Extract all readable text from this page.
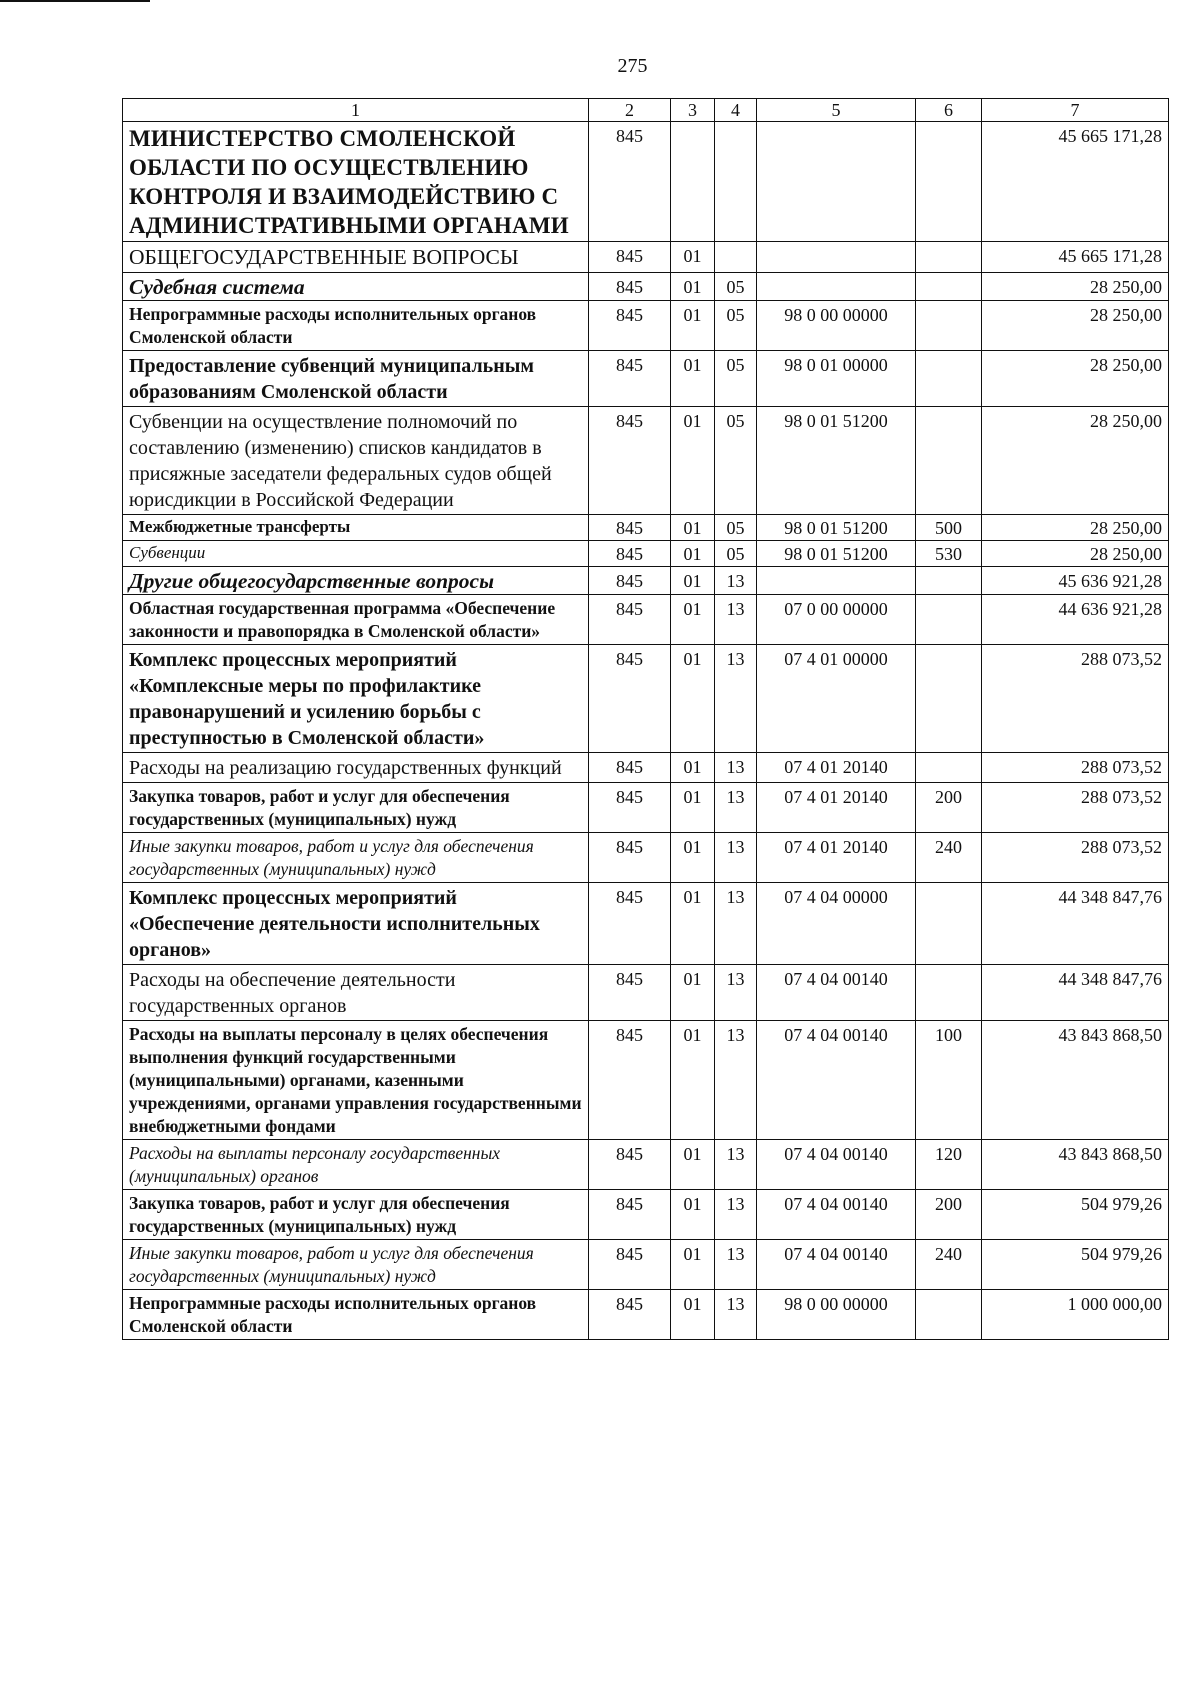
275
1	2	3	4	5	6	7
МИНИСТЕРСТВО СМОЛЕНСКОЙ ОБЛАСТИ ПО ОСУЩЕСТВЛЕНИЮ КОНТРОЛЯ И ВЗАИМОДЕЙСТВИЮ С АДМИНИСТРАТИВНЫМИ ОРГАНАМИ	845					45 665 171,28
ОБЩЕГОСУДАРСТВЕННЫЕ ВОПРОСЫ	845	01				45 665 171,28
Судебная система	845	01	05			28 250,00
Непрограммные расходы исполнительных органов Смоленской области	845	01	05	98 0 00 00000		28 250,00
Предоставление субвенций муниципальным образованиям Смоленской области	845	01	05	98 0 01 00000		28 250,00
Субвенции на осуществление полномочий по составлению (изменению) списков кандидатов в присяжные заседатели федеральных судов общей юрисдикции в Российской Федерации	845	01	05	98 0 01 51200		28 250,00
Межбюджетные трансферты	845	01	05	98 0 01 51200	500	28 250,00
Субвенции	845	01	05	98 0 01 51200	530	28 250,00
Другие общегосударственные вопросы	845	01	13			45 636 921,28
Областная государственная программа «Обеспечение законности и правопорядка в Смоленской области»	845	01	13	07 0 00 00000		44 636 921,28
Комплекс процессных мероприятий «Комплексные меры по профилактике правонарушений и усилению борьбы с преступностью в Смоленской области»	845	01	13	07 4 01 00000		288 073,52
Расходы на реализацию государственных функций	845	01	13	07 4 01 20140		288 073,52
Закупка товаров, работ и услуг для обеспечения государственных (муниципальных) нужд	845	01	13	07 4 01 20140	200	288 073,52
Иные закупки товаров, работ и услуг для обеспечения государственных (муниципальных) нужд	845	01	13	07 4 01 20140	240	288 073,52
Комплекс процессных мероприятий «Обеспечение деятельности исполнительных органов»	845	01	13	07 4 04 00000		44 348 847,76
Расходы на обеспечение деятельности государственных органов	845	01	13	07 4 04 00140		44 348 847,76
Расходы на выплаты персоналу в целях обеспечения выполнения функций государственными (муниципальными) органами, казенными учреждениями, органами управления государственными внебюджетными фондами	845	01	13	07 4 04 00140	100	43 843 868,50
Расходы на выплаты персоналу государственных (муниципальных) органов	845	01	13	07 4 04 00140	120	43 843 868,50
Закупка товаров, работ и услуг для обеспечения государственных (муниципальных) нужд	845	01	13	07 4 04 00140	200	504 979,26
Иные закупки товаров, работ и услуг для обеспечения государственных (муниципальных) нужд	845	01	13	07 4 04 00140	240	504 979,26
Непрограммные расходы исполнительных органов Смоленской области	845	01	13	98 0 00 00000		1 000 000,00
